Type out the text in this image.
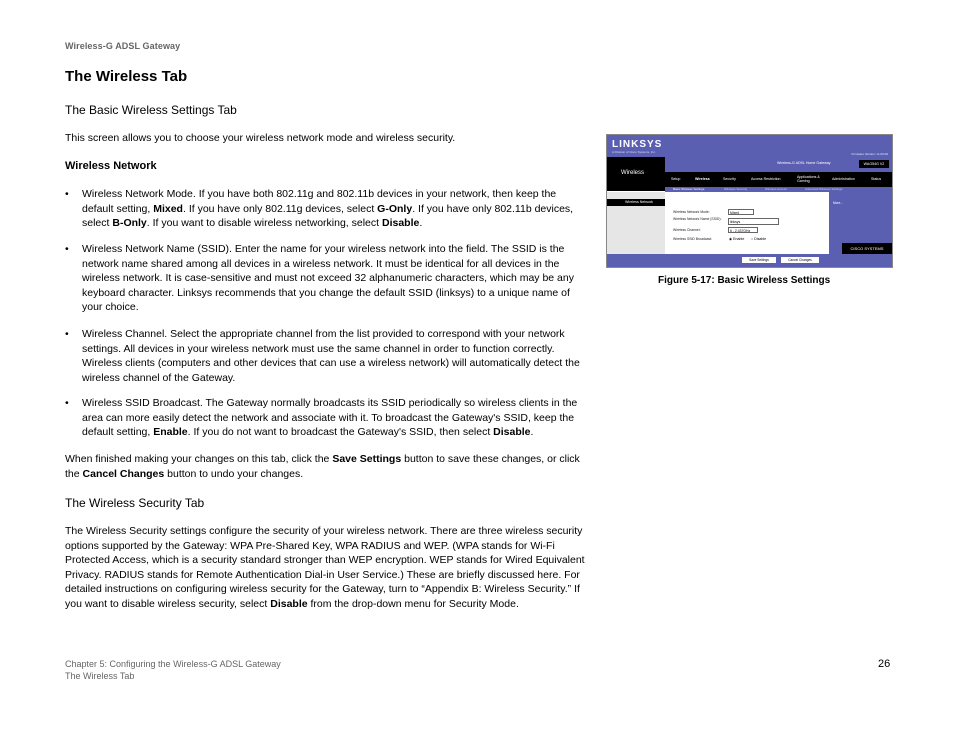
Wireless-G ADSL Gateway
The Wireless Tab
The Basic Wireless Settings Tab
This screen allows you to choose your wireless network mode and wireless security.
Wireless Network
• Wireless Network Mode. If you have both 802.11g and 802.11b devices in your network, then keep the default setting, Mixed. If you have only 802.11g devices, select G-Only. If you have only 802.11b devices, select B-Only. If you want to disable wireless networking, select Disable.
• Wireless Network Name (SSID). Enter the name for your wireless network into the field. The SSID is the network name shared among all devices in a wireless network. It must be identical for all devices in the wireless network. It is case-sensitive and must not exceed 32 alphanumeric characters, which may be any keyboard character. Linksys recommends that you change the default SSID (linksys) to a unique name of your choice.
• Wireless Channel. Select the appropriate channel from the list provided to correspond with your network settings. All devices in your wireless network must use the same channel in order to function correctly. Wireless clients (computers and other devices that can use a wireless network) will automatically detect the wireless channel of the Gateway.
• Wireless SSID Broadcast. The Gateway normally broadcasts its SSID periodically so wireless clients in the area can more easily detect the network and associate with it. To broadcast the Gateway's SSID, keep the default setting, Enable. If you do not want to broadcast the Gateway's SSID, then select Disable.
When finished making your changes on this tab, click the Save Settings button to save these changes, or click the Cancel Changes button to undo your changes.
The Wireless Security Tab
The Wireless Security settings configure the security of your wireless network. There are three wireless security options supported by the Gateway: WPA Pre-Shared Key, WPA RADIUS and WEP. (WPA stands for Wi-Fi Protected Access, which is a security standard stronger than WEP encryption. WEP stands for Wired Equivalent Privacy. RADIUS stands for Remote Authentication Dial-in User Service.) These are briefly discussed here. For detailed instructions on configuring wireless security for the Gateway, turn to “Appendix B: Wireless Security.” If you want to disable wireless security, select Disable from the drop-down menu for Security Mode.
LINKSYS
A Division of Cisco Systems, Inc.	Firmware Version: v1.00.06
Wireless-G ADSL Home Gateway	WAG54G V2
Wireless
Setup	Wireless	Security	Access Restriction	Applications & Gaming	Administration	Status
Basic Wireless Settings	Wireless Security	Wireless Access	Advanced Wireless Settings
Wireless Network	More...
Wireless Network Mode:	Mixed
Wireless Network Name (SSID):
linksys
Wireless Channel:	6 - 2.437GHz
Wireless SSID Broadcast:	◉ Enable ○ Disable
CISCO SYSTEMS
Save Settings	Cancel Changes
Figure 5-17: Basic Wireless Settings
Chapter 5: Configuring the Wireless-G ADSL Gateway
The Wireless Tab
26
